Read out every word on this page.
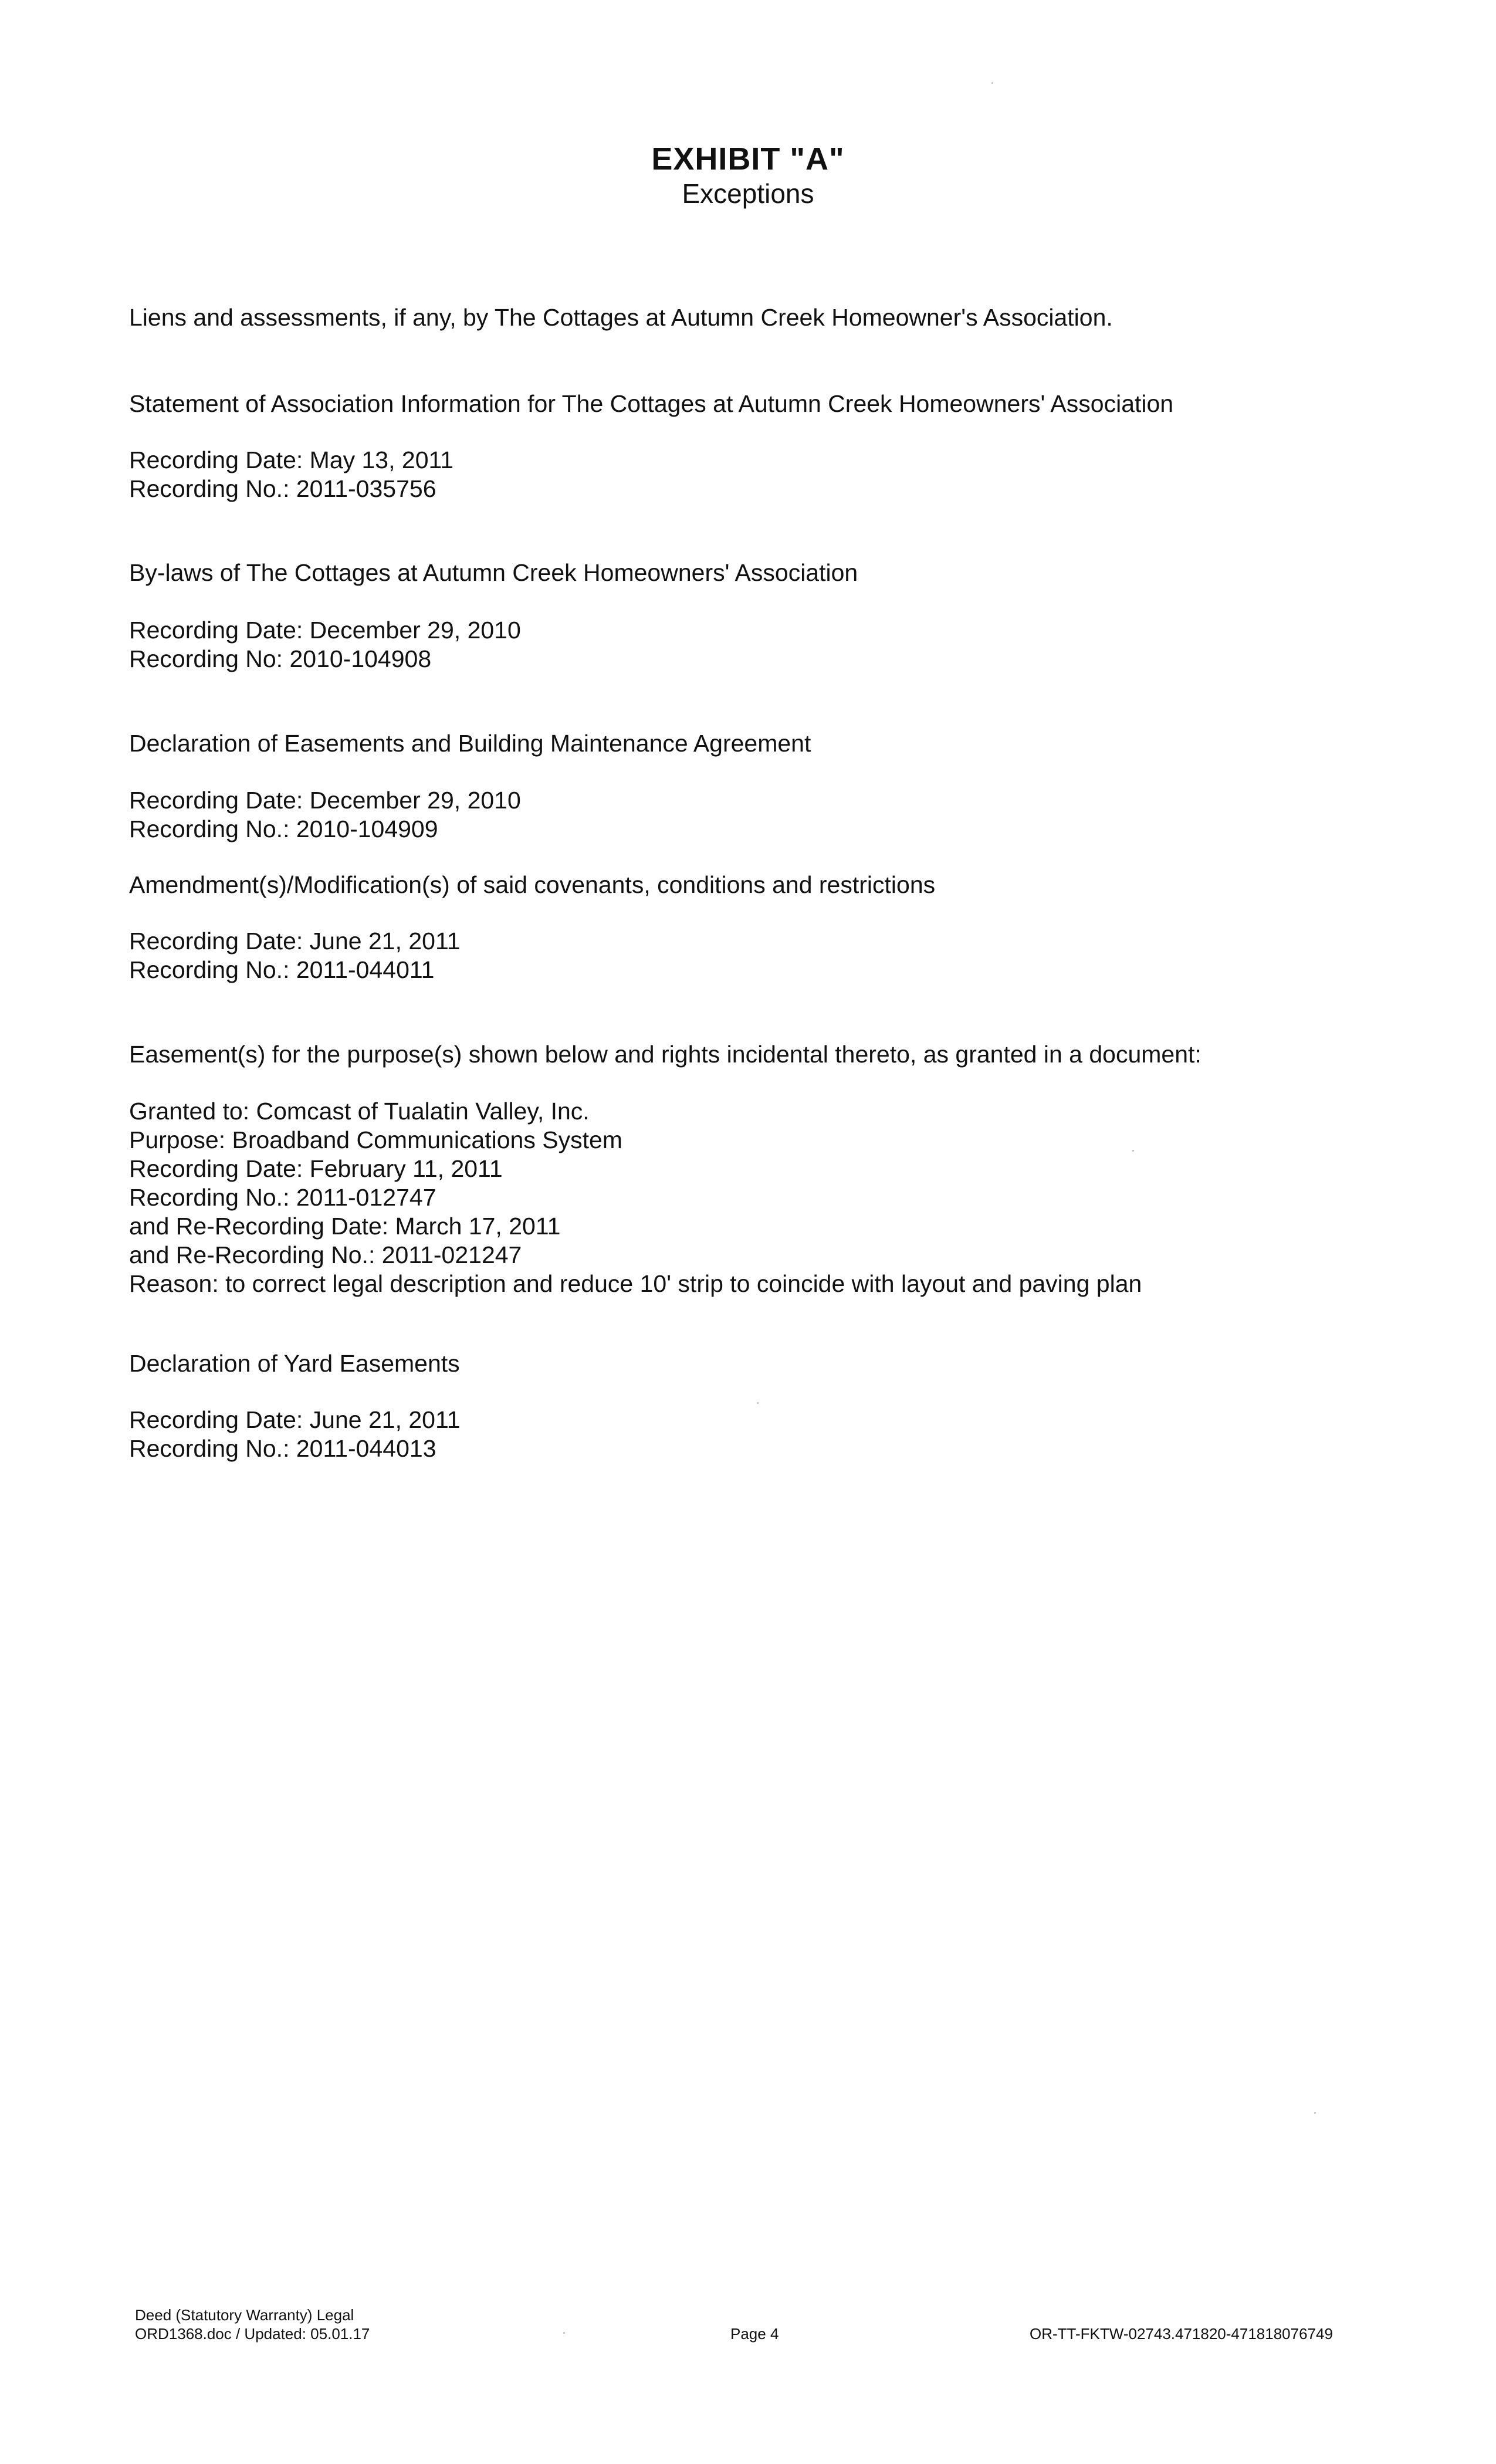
EXHIBIT "A"
Exceptions
Liens and assessments, if any, by The Cottages at Autumn Creek Homeowner's Association.
Statement of Association Information for The Cottages at Autumn Creek Homeowners' Association
Recording Date: May 13, 2011
Recording No.: 2011-035756
By-laws of The Cottages at Autumn Creek Homeowners' Association
Recording Date: December 29, 2010
Recording No: 2010-104908
Declaration of Easements and Building Maintenance Agreement
Recording Date: December 29, 2010
Recording No.: 2010-104909
Amendment(s)/Modification(s) of said covenants, conditions and restrictions
Recording Date: June 21, 2011
Recording No.: 2011-044011
Easement(s) for the purpose(s) shown below and rights incidental thereto, as granted in a document:
Granted to: Comcast of Tualatin Valley, Inc.
Purpose: Broadband Communications System
Recording Date: February 11, 2011
Recording No.: 2011-012747
and Re-Recording Date: March 17, 2011
and Re-Recording No.: 2011-021247
Reason: to correct legal description and reduce 10' strip to coincide with layout and paving plan
Declaration of Yard Easements
Recording Date: June 21, 2011
Recording No.: 2011-044013
Deed (Statutory Warranty) Legal
ORD1368.doc / Updated: 05.01.17	Page 4	OR-TT-FKTW-02743.471820-471818076749
